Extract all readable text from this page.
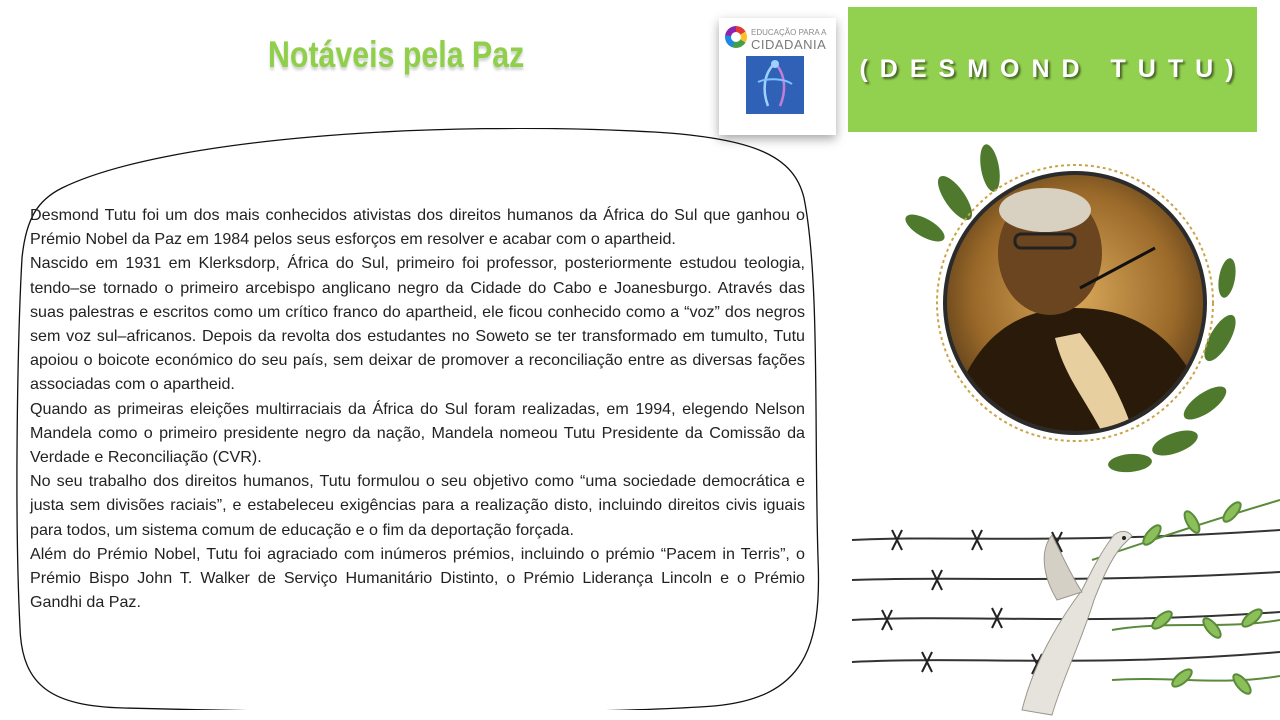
Notáveis pela Paz
EDUCAÇÃO PARA A
CIDADANIA
(DESMOND TUTU)

Desmond Tutu foi um dos mais conhecidos ativistas dos direitos humanos da África do Sul que ganhou o Prémio Nobel da Paz em 1984 pelos seus esforços em resolver e acabar com o apartheid.

Nascido em 1931 em Klerksdorp, África do Sul, primeiro foi professor, posteriormente estudou teologia, tendo–se tornado o primeiro arcebispo anglicano negro da Cidade do Cabo e Joanesburgo. Através das suas palestras e escritos como um crítico franco do apartheid, ele ficou conhecido como a “voz” dos negros sem voz sul–africanos. Depois da revolta dos estudantes no Soweto se ter transformado em tumulto, Tutu apoiou o boicote económico do seu país, sem deixar de promover a reconciliação entre as diversas fações associadas com o apartheid.

Quando as primeiras eleições multirraciais da África do Sul foram realizadas, em 1994, elegendo Nelson Mandela como o primeiro presidente negro da nação, Mandela nomeou Tutu Presidente da Comissão da Verdade e Reconciliação (CVR).

No seu trabalho dos direitos humanos, Tutu formulou o seu objetivo como “uma sociedade democrática e justa sem divisões raciais”, e estabeleceu exigências para a realização disto, incluindo direitos civis iguais para todos, um sistema comum de educação e o fim da deportação forçada.

Além do Prémio Nobel, Tutu foi agraciado com inúmeros prémios, incluindo o prémio “Pacem in Terris”, o Prémio Bispo John T. Walker de Serviço Humanitário Distinto, o Prémio Liderança Lincoln e o Prémio Gandhi da Paz.
